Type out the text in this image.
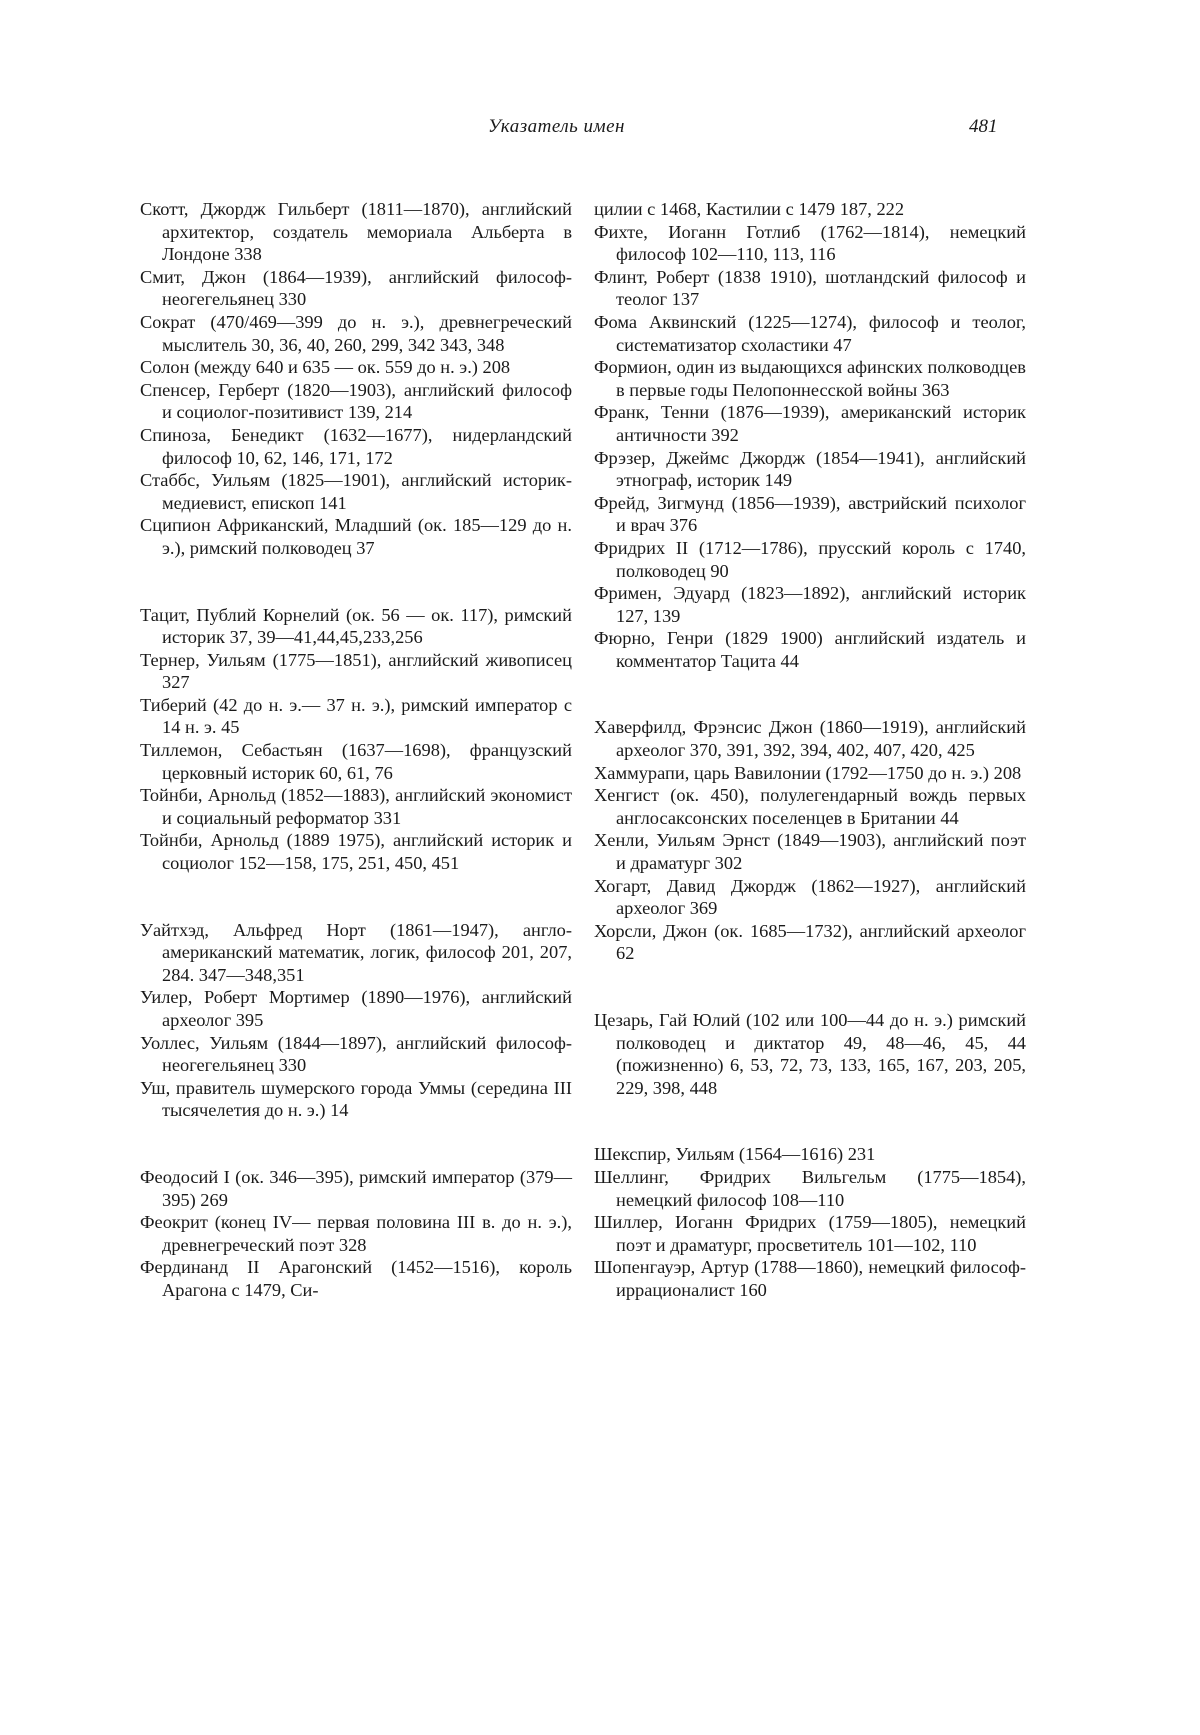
Указатель имен	481

Скотт, Джордж Гильберт (1811—1870), английский архитектор, создатель мемориала Альберта в Лондоне 338

Смит, Джон (1864—1939), английский философ-неогегельянец 330

Сократ (470/469—399 до н. э.), древнегреческий мыслитель 30, 36, 40, 260, 299, 342 343, 348

Солон (между 640 и 635 — ок. 559 до н. э.) 208

Спенсер, Герберт (1820—1903), английский философ и социолог-позитивист 139, 214

Спиноза, Бенедикт (1632—1677), нидерландский философ 10, 62, 146, 171, 172

Стаббс, Уильям (1825—1901), английский историк-медиевист, епископ 141

Сципион Африканский, Младший (ок. 185—129 до н. э.), римский полководец 37

Тацит, Публий Корнелий (ок. 56 — ок. 117), римский историк 37, 39—41,44,45,233,256

Тернер, Уильям (1775—1851), английский живописец 327

Тиберий (42 до н. э.— 37 н. э.), римский император с 14 н. э. 45

Тиллемон, Себастьян (1637—1698), французский церковный историк 60, 61, 76

Тойнби, Арнольд (1852—1883), английский экономист и социальный реформатор 331

Тойнби, Арнольд (1889 1975), английский историк и социолог 152—158, 175, 251, 450, 451

Уайтхэд, Альфред Норт (1861—1947), англо-американский математик, логик, философ 201, 207, 284. 347—348,351

Уилер, Роберт Мортимер (1890—1976), английский археолог 395

Уоллес, Уильям (1844—1897), английский философ-неогегельянец 330

Уш, правитель шумерского города Уммы (середина III тысячелетия до н. э.) 14

Феодосий I (ок. 346—395), римский император (379—395) 269

Феокрит (конец IV— первая половина III в. до н. э.), древнегреческий поэт 328

Фердинанд II Арагонский (1452—1516), король Арагона с 1479, Си-

цилии с 1468, Кастилии с 1479 187, 222

Фихте, Иоганн Готлиб (1762—1814), немецкий философ 102—110, 113, 116

Флинт, Роберт (1838 1910), шотландский философ и теолог 137

Фома Аквинский (1225—1274), философ и теолог, систематизатор схоластики 47

Формион, один из выдающихся афинских полководцев в первые годы Пелопоннесской войны 363

Франк, Тенни (1876—1939), американский историк античности 392

Фрэзер, Джеймс Джордж (1854—1941), английский этнограф, историк 149

Фрейд, Зигмунд (1856—1939), австрийский психолог и врач 376

Фридрих II (1712—1786), прусский король с 1740, полководец 90

Фримен, Эдуард (1823—1892), английский историк 127, 139

Фюрно, Генри (1829 1900) английский издатель и комментатор Тацита 44

Хаверфилд, Фрэнсис Джон (1860—1919), английский археолог 370, 391, 392, 394, 402, 407, 420, 425

Хаммурапи, царь Вавилонии (1792—1750 до н. э.) 208

Хенгист (ок. 450), полулегендарный вождь первых англосаксонских поселенцев в Британии 44

Хенли, Уильям Эрнст (1849—1903), английский поэт и драматург 302

Хогарт, Давид Джордж (1862—1927), английский археолог 369

Хорсли, Джон (ок. 1685—1732), английский археолог 62

Цезарь, Гай Юлий (102 или 100—44 до н. э.) римский полководец и диктатор 49, 48—46, 45, 44 (пожизненно) 6, 53, 72, 73, 133, 165, 167, 203, 205, 229, 398, 448

Шекспир, Уильям (1564—1616) 231

Шеллинг, Фридрих Вильгельм (1775—1854), немецкий философ 108—110

Шиллер, Иоганн Фридрих (1759—1805), немецкий поэт и драматург, просветитель 101—102, 110

Шопенгауэр, Артур (1788—1860), немецкий философ-иррационалист 160
